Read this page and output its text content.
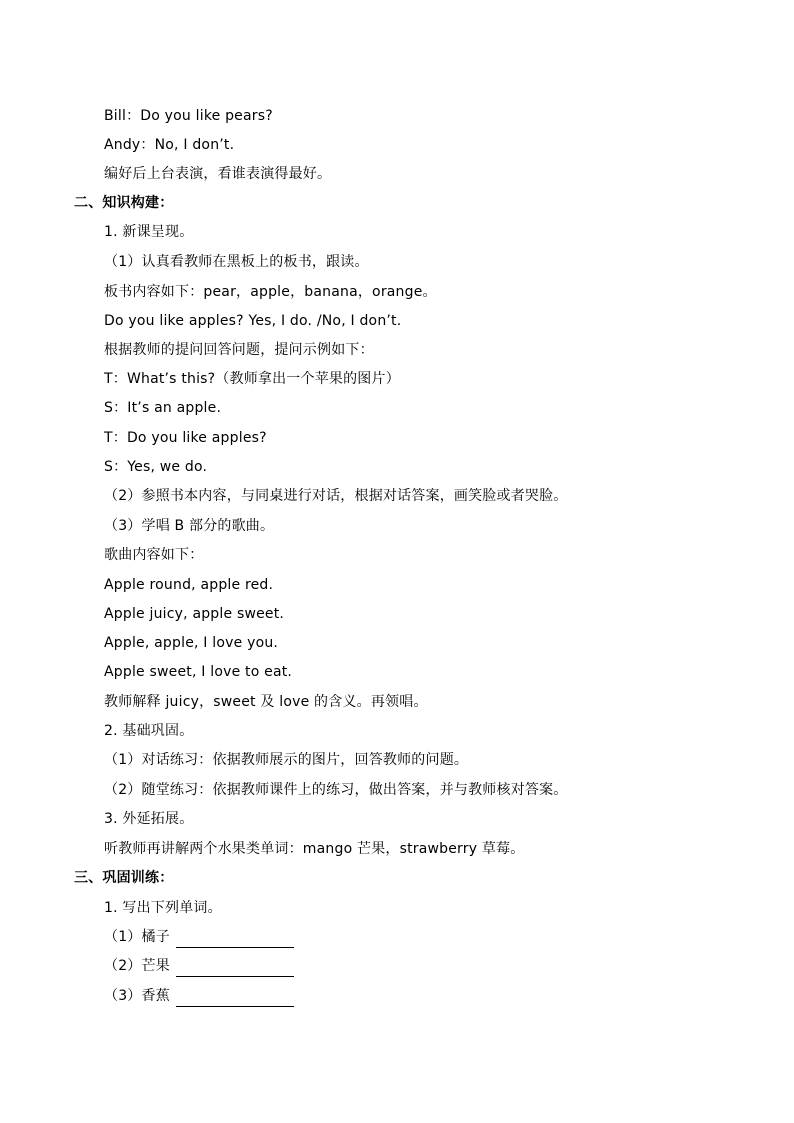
Bill：Do you like pears?
Andy：No, I don’t.
编好后上台表演，看谁表演得最好。
二、知识构建：
1. 新课呈现。
（1）认真看教师在黑板上的板书，跟读。
板书内容如下：pear，apple，banana，orange。
Do you like apples? Yes, I do. /No, I don’t.
根据教师的提问回答问题，提问示例如下：
T：What’s this?（教师拿出一个苹果的图片）
S：It’s an apple.
T：Do you like apples?
S：Yes, we do.
（2）参照书本内容，与同桌进行对话，根据对话答案，画笑脸或者哭脸。
（3）学唱 B 部分的歌曲。
歌曲内容如下：
Apple round, apple red.
Apple juicy, apple sweet.
Apple, apple, I love you.
Apple sweet, I love to eat.
教师解释 juicy，sweet 及 love 的含义。再领唱。
2. 基础巩固。
（1）对话练习：依据教师展示的图片，回答教师的问题。
（2）随堂练习：依据教师课件上的练习，做出答案，并与教师核对答案。
3. 外延拓展。
听教师再讲解两个水果类单词：mango 芒果，strawberry 草莓。
三、巩固训练：
1. 写出下列单词。
（1）橘子
（2）芒果
（3）香蕉
